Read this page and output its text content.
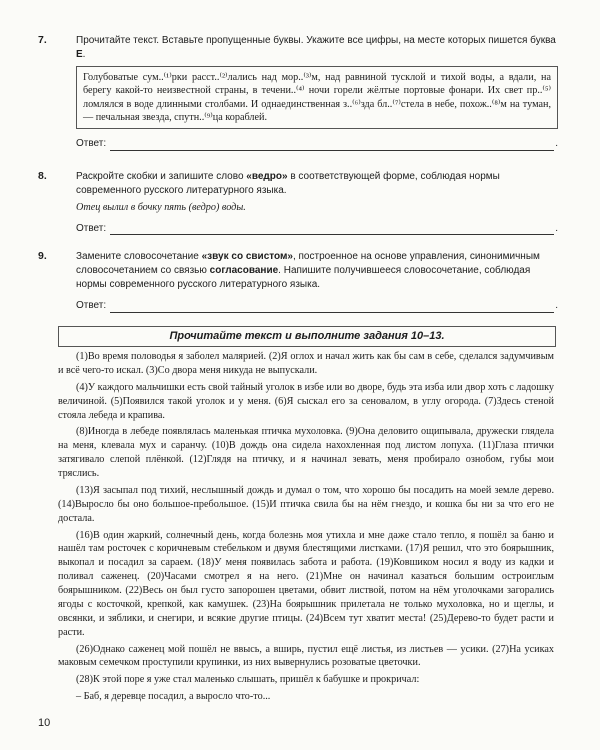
7.	Прочитайте текст. Вставьте пропущенные буквы. Укажите все цифры, на месте которых пишется буква Е.
Голубоватые сум..⁽¹⁾рки расст..⁽²⁾лались над мор..⁽³⁾м, над равниной тусклой и тихой воды, а вдали, на берегу какой-то неизвестной страны, в течени..⁽⁴⁾ ночи горели жёлтые портовые фонари. Их свет пр..⁽⁵⁾ломлялся в воде длинными столбами. И однаединственная з..⁽⁶⁾зда бл..⁽⁷⁾стела в небе, похож..⁽⁸⁾м на туман, — печальная звезда, спутн..⁽⁹⁾ца кораблей.
Ответ:	.
8.	Раскройте скобки и запишите слово «ведро» в соответствующей форме, соблюдая нормы современного русского литературного языка.
Отец вылил в бочку пять (ведро) воды.
Ответ:	.
9.	Замените словосочетание «звук со свистом», построенное на основе управления, синонимичным словосочетанием со связью согласование. Напишите получившееся словосочетание, соблюдая нормы современного русского литературного языка.
Ответ:	.
Прочитайте текст и выполните задания 10–13.

(1)Во время половодья я заболел малярией. (2)Я оглох и начал жить как бы сам в себе, сделался задумчивым и всё чего-то искал. (3)Со двора меня никуда не выпускали.

(4)У каждого мальчишки есть свой тайный уголок в избе или во дворе, будь эта изба или двор хоть с ладошку величиной. (5)Появился такой уголок и у меня. (6)Я сыскал его за сеновалом, в углу огорода. (7)Здесь стеной стояла лебеда и крапива.

(8)Иногда в лебеде появлялась маленькая птичка мухоловка. (9)Она деловито ощипывала, дружески глядела на меня, клевала мух и саранчу. (10)В дождь она сидела нахохленная под листом лопуха. (11)Глаза птички затягивало слепой плёнкой. (12)Глядя на птичку, и я начинал зевать, меня пробирало ознобом, губы мои тряслись.

(13)Я засыпал под тихий, неслышный дождь и думал о том, что хорошо бы посадить на моей земле дерево. (14)Выросло бы оно большое-пребольшое. (15)И птичка свила бы на нём гнездо, и кошка бы ни за что его не достала.

(16)В один жаркий, солнечный день, когда болезнь моя утихла и мне даже стало тепло, я пошёл за баню и нашёл там росточек с коричневым стебельком и двумя блестящими листками. (17)Я решил, что это боярышник, выкопал и посадил за сараем. (18)У меня появилась забота и работа. (19)Ковшиком носил я воду из кадки и поливал саженец. (20)Часами смотрел я на него. (21)Мне он начинал казаться большим остроиглым боярышником. (22)Весь он был густо запорошен цветами, обвит листвой, потом на нём уголочками загорались ягоды с косточкой, крепкой, как камушек. (23)На боярышник прилетала не только мухоловка, но и щеглы, и овсянки, и зяблики, и снегири, и всякие другие птицы. (24)Всем тут хватит места! (25)Дерево-то будет расти и расти.

(26)Однако саженец мой пошёл не ввысь, а вширь, пустил ещё листья, из листьев — усики. (27)На усиках маковым семечком проступили крупинки, из них вывернулись розоватые цветочки.

(28)К этой поре я уже стал маленько слышать, пришёл к бабушке и прокричал:

– Баб, я деревце посадил, а выросло что-то...

10
